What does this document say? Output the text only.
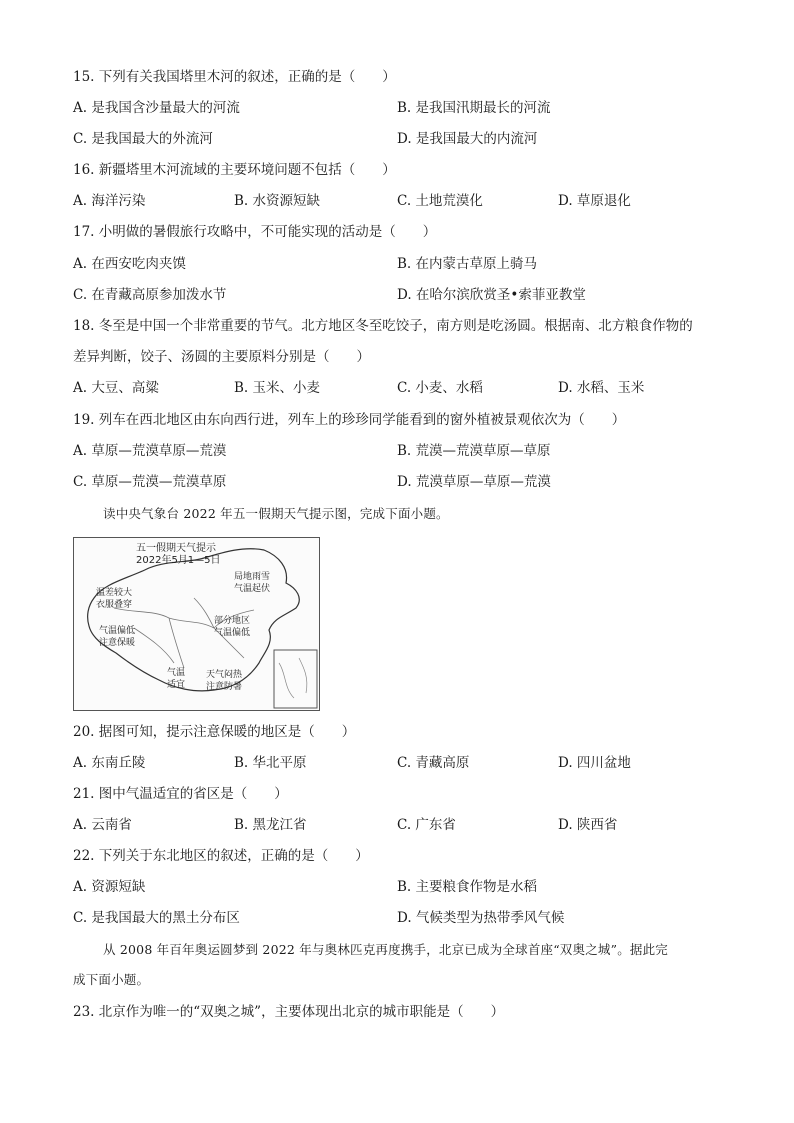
15. 下列有关我国塔里木河的叙述，正确的是（　　）
A. 是我国含沙量最大的河流	B. 是我国汛期最长的河流
C. 是我国最大的外流河	D. 是我国最大的内流河
16. 新疆塔里木河流域的主要环境问题不包括（　　）
A. 海洋污染	B. 水资源短缺	C. 土地荒漠化	D. 草原退化
17. 小明做的暑假旅行攻略中，不可能实现的活动是（　　）
A. 在西安吃肉夹馍	B. 在内蒙古草原上骑马
C. 在青藏高原参加泼水节	D. 在哈尔滨欣赏圣•索菲亚教堂
18. 冬至是中国一个非常重要的节气。北方地区冬至吃饺子，南方则是吃汤圆。根据南、北方粮食作物的
差异判断，饺子、汤圆的主要原料分别是（　　）
A. 大豆、高粱	B. 玉米、小麦	C. 小麦、水稻	D. 水稻、玉米
19. 列车在西北地区由东向西行进，列车上的珍珍同学能看到的窗外植被景观依次为（　　）
A. 草原—荒漠草原—荒漠	B. 荒漠—荒漠草原—草原
C. 草原—荒漠—荒漠草原	D. 荒漠草原—草原—荒漠
读中央气象台 2022 年五一假期天气提示图，完成下面小题。
五一假期天气提示
2022年5月1—5日
局地雨雪
气温起伏
温差较大
衣服叠穿
部分地区
气温偏低
气温偏低
注意保暖
气温
适宜
天气闷热
注意防暑
20. 据图可知，提示注意保暖的地区是（　　）
A. 东南丘陵	B. 华北平原	C. 青藏高原	D. 四川盆地
21. 图中气温适宜的省区是（　　）
A. 云南省	B. 黑龙江省	C. 广东省	D. 陕西省
22. 下列关于东北地区的叙述，正确的是（　　）
A. 资源短缺	B. 主要粮食作物是水稻
C. 是我国最大的黑土分布区	D. 气候类型为热带季风气候
从 2008 年百年奥运圆梦到 2022 年与奥林匹克再度携手，北京已成为全球首座“双奥之城”。据此完
成下面小题。
23. 北京作为唯一的“双奥之城”，主要体现出北京的城市职能是（　　）
